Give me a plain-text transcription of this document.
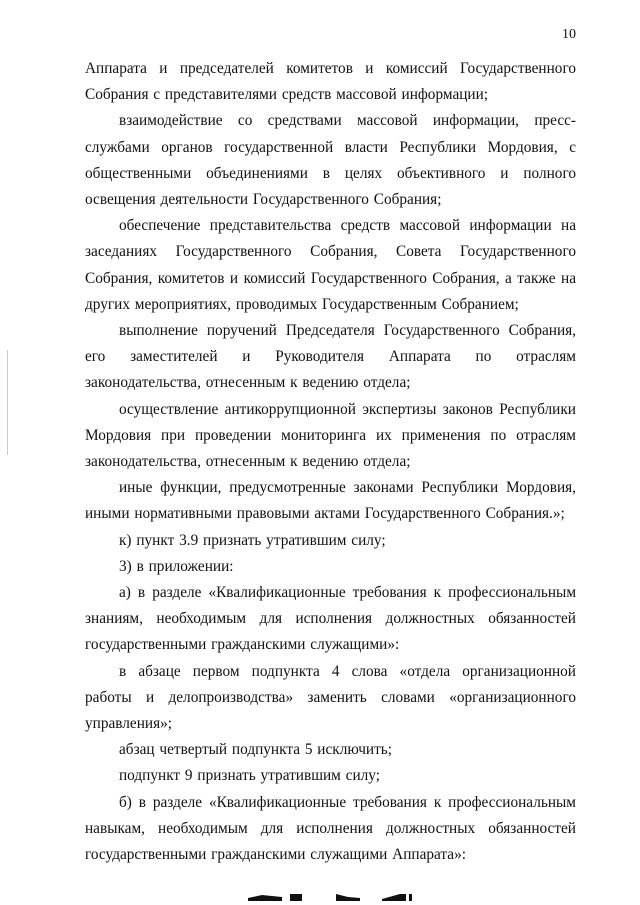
10

Аппарата и председателей комитетов и комиссий Государственного Собрания с представителями средств массовой информации;

взаимодействие со средствами массовой информации, пресс-службами органов государственной власти Республики Мордовия, с общественными объединениями в целях объективного и полного освещения деятельности Государственного Собрания;

обеспечение представительства средств массовой информации на заседаниях Государственного Собрания, Совета Государственного Собрания, комитетов и комиссий Государственного Собрания, а также на других мероприятиях, проводимых Государственным Собранием;

выполнение поручений Председателя Государственного Собрания, его заместителей и Руководителя Аппарата по отраслям законодательства, отнесенным к ведению отдела;

осуществление антикоррупционной экспертизы законов Республики Мордовия при проведении мониторинга их применения по отраслям законодательства, отнесенным к ведению отдела;

иные функции, предусмотренные законами Республики Мордовия, иными нормативными правовыми актами Государственного Собрания.»;

к) пункт 3.9 признать утратившим силу;

3) в приложении:

а) в разделе «Квалификационные требования к профессиональным знаниям, необходимым для исполнения должностных обязанностей государственными гражданскими служащими»:

в абзаце первом подпункта 4 слова «отдела организационной работы и делопроизводства» заменить словами «организационного управления»;

абзац четвертый подпункта 5 исключить;

подпункт 9 признать утратившим силу;

б) в разделе «Квалификационные требования к профессиональным навыкам, необходимым для исполнения должностных обязанностей государственными гражданскими служащими Аппарата»:
